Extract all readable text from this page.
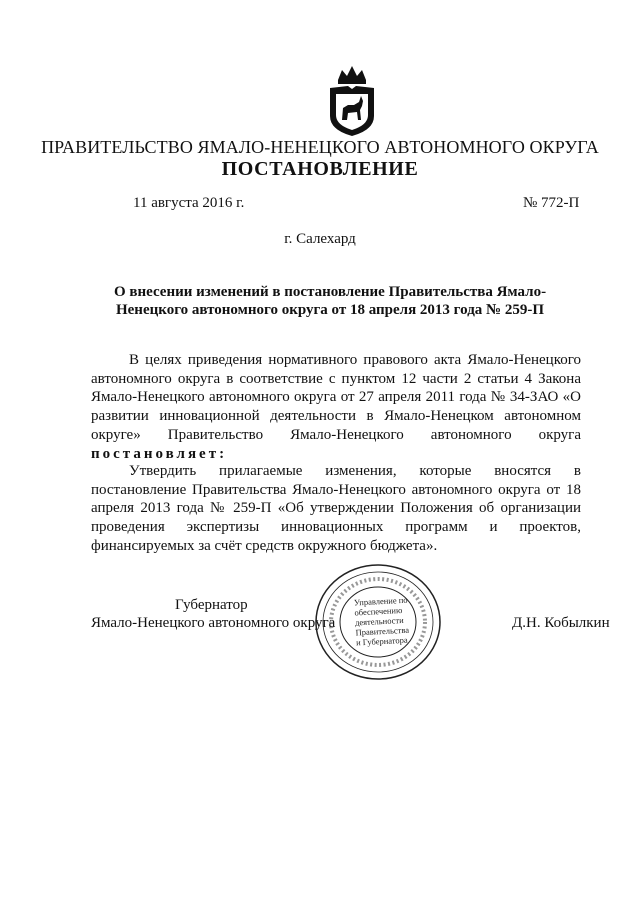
ПРАВИТЕЛЬСТВО ЯМАЛО-НЕНЕЦКОГО АВТОНОМНОГО ОКРУГА
ПОСТАНОВЛЕНИЕ
11 августа 2016 г.	№ 772-П
г. Салехард
О внесении изменений в постановление Правительства Ямало-Ненецкого автономного округа от 18 апреля 2013 года № 259-П

В целях приведения нормативного правового акта Ямало-Ненецкого автономного округа в соответствие с пунктом 12 части 2 статьи 4 Закона Ямало-Ненецкого автономного округа от 27 апреля 2011 года № 34-ЗАО «О развитии инновационной деятельности в Ямало-Ненецком автономном округе» Правительство Ямало-Ненецкого автономного округа постановляет:

Утвердить прилагаемые изменения, которые вносятся в постановление Правительства Ямало-Ненецкого автономного округа от 18 апреля 2013 года № 259-П «Об утверждении Положения об организации проведения экспертизы инновационных программ и проектов, финансируемых за счёт средств окружного бюджета».

Губернатор
Ямало-Ненецкого автономного округа	Д.Н. Кобылкин
Управление по
обеспечению
деятельности
Правительства
и Губернатора
